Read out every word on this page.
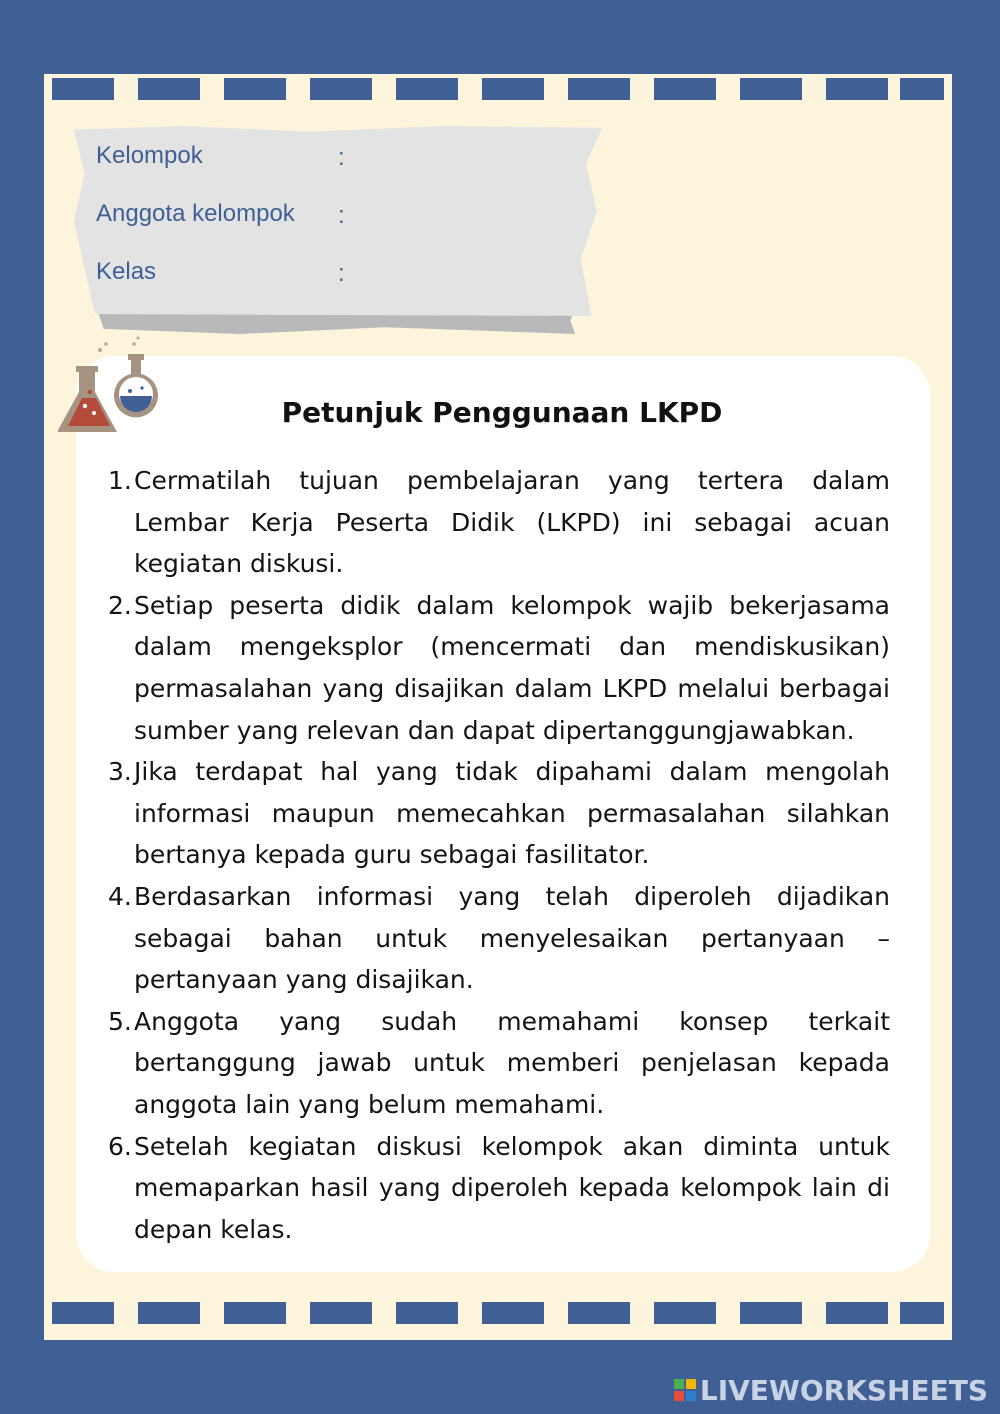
Kelompok	:
Anggota kelompok :
Kelas	:
Petunjuk Penggunaan LKPD
1. Cermatilah tujuan pembelajaran yang tertera dalam Lembar Kerja Peserta Didik (LKPD) ini sebagai acuan kegiatan diskusi.
2. Setiap peserta didik dalam kelompok wajib bekerjasama dalam mengeksplor (mencermati dan mendiskusikan) permasalahan yang disajikan dalam LKPD melalui berbagai sumber yang relevan dan dapat dipertanggungjawabkan.
3. Jika terdapat hal yang tidak dipahami dalam mengolah informasi maupun memecahkan permasalahan silahkan bertanya kepada guru sebagai fasilitator.
4. Berdasarkan informasi yang telah diperoleh dijadikan sebagai bahan untuk menyelesaikan pertanyaan – pertanyaan yang disajikan.
5. Anggota yang sudah memahami konsep terkait bertanggung jawab untuk memberi penjelasan kepada anggota lain yang belum memahami.
6. Setelah kegiatan diskusi kelompok akan diminta untuk memaparkan hasil yang diperoleh kepada kelompok lain di depan kelas.
LIVEWORKSHEETS
